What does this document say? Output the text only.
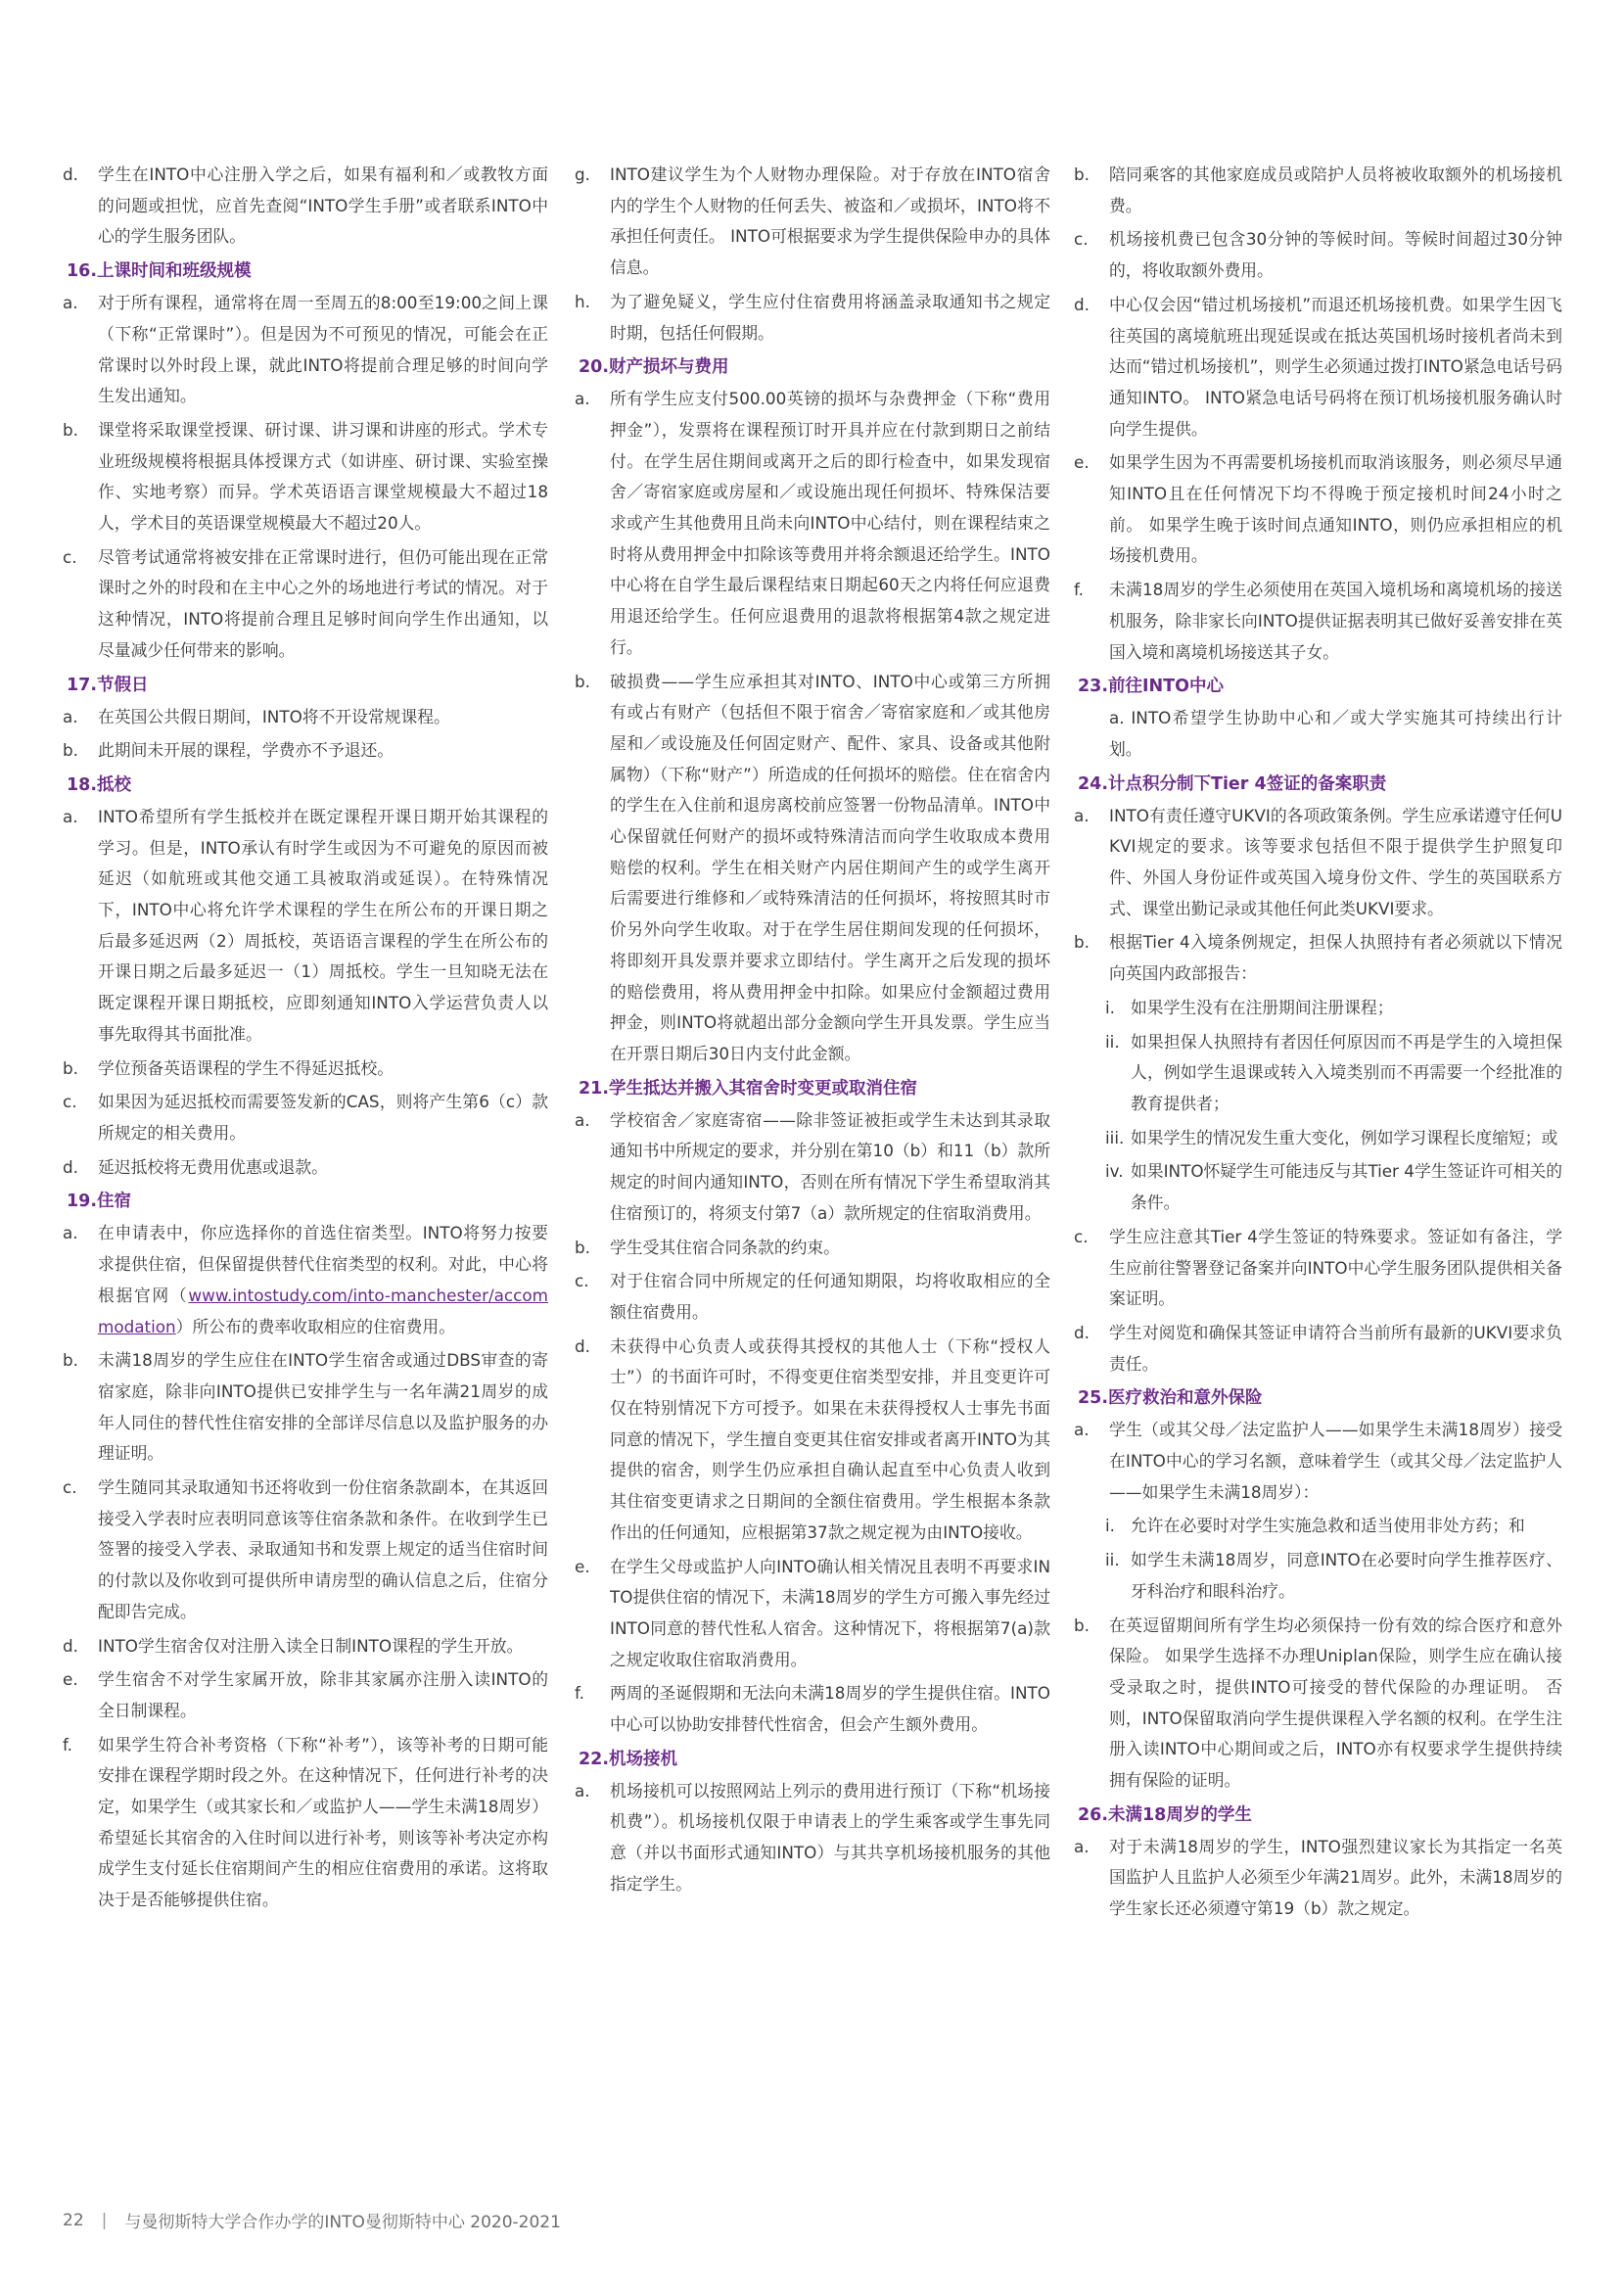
d.	学生在INTO中心注册入学之后，如果有福利和／或教牧方面的问题或担忧，应首先查阅“INTO学生手册”或者联系INTO中心的学生服务团队。
16.上课时间和班级规模
a.	对于所有课程，通常将在周一至周五的8:00至19:00之间上课（下称“正常课时”）。但是因为不可预见的情况，可能会在正常课时以外时段上课，就此INTO将提前合理足够的时间向学生发出通知。
b.	课堂将采取课堂授课、研讨课、讲习课和讲座的形式。学术专业班级规模将根据具体授课方式（如讲座、研讨课、实验室操作、实地考察）而异。学术英语语言课堂规模最大不超过18人，学术目的英语课堂规模最大不超过20人。
c.	尽管考试通常将被安排在正常课时进行，但仍可能出现在正常课时之外的时段和在主中心之外的场地进行考试的情况。对于这种情况，INTO将提前合理且足够时间向学生作出通知，以尽量减少任何带来的影响。
17.节假日
a.	在英国公共假日期间，INTO将不开设常规课程。
b.	此期间未开展的课程，学费亦不予退还。
18.抵校
a.	INTO希望所有学生抵校并在既定课程开课日期开始其课程的学习。但是，INTO承认有时学生或因为不可避免的原因而被延迟（如航班或其他交通工具被取消或延误）。在特殊情况下，INTO中心将允许学术课程的学生在所公布的开课日期之后最多延迟两（2）周抵校，英语语言课程的学生在所公布的开课日期之后最多延迟一（1）周抵校。学生一旦知晓无法在既定课程开课日期抵校，应即刻通知INTO入学运营负责人以事先取得其书面批准。
b.	学位预备英语课程的学生不得延迟抵校。
c.	如果因为延迟抵校而需要签发新的CAS，则将产生第6（c）款所规定的相关费用。
d.	延迟抵校将无费用优惠或退款。
19.住宿
a.	在申请表中，你应选择你的首选住宿类型。INTO将努力按要求提供住宿，但保留提供替代住宿类型的权利。对此，中心将根据官网（www.intostudy.com/into-manchester/accommodation）所公布的费率收取相应的住宿费用。
b.	未满18周岁的学生应住在INTO学生宿舍或通过DBS审查的寄宿家庭，除非向INTO提供已安排学生与一名年满21周岁的成年人同住的替代性住宿安排的全部详尽信息以及监护服务的办理证明。
c.	学生随同其录取通知书还将收到一份住宿条款副本，在其返回接受入学表时应表明同意该等住宿条款和条件。在收到学生已签署的接受入学表、录取通知书和发票上规定的适当住宿时间的付款以及你收到可提供所申请房型的确认信息之后，住宿分配即告完成。
d.	INTO学生宿舍仅对注册入读全日制INTO课程的学生开放。
e.	学生宿舍不对学生家属开放，除非其家属亦注册入读INTO的全日制课程。
f.	如果学生符合补考资格（下称“补考”），该等补考的日期可能安排在课程学期时段之外。在这种情况下，任何进行补考的决定，如果学生（或其家长和／或监护人——学生未满18周岁）希望延长其宿舍的入住时间以进行补考，则该等补考决定亦构成学生支付延长住宿期间产生的相应住宿费用的承诺。这将取决于是否能够提供住宿。
g.	INTO建议学生为个人财物办理保险。对于存放在INTO宿舍内的学生个人财物的任何丢失、被盗和／或损坏，INTO将不承担任何责任。 INTO可根据要求为学生提供保险申办的具体信息。
h.	为了避免疑义，学生应付住宿费用将涵盖录取通知书之规定时期，包括任何假期。
20.财产损坏与费用
a.	所有学生应支付500.00英镑的损坏与杂费押金（下称“费用押金”），发票将在课程预订时开具并应在付款到期日之前结付。在学生居住期间或离开之后的即行检查中，如果发现宿舍／寄宿家庭或房屋和／或设施出现任何损坏、特殊保洁要求或产生其他费用且尚未向INTO中心结付，则在课程结束之时将从费用押金中扣除该等费用并将余额退还给学生。INTO中心将在自学生最后课程结束日期起60天之内将任何应退费用退还给学生。任何应退费用的退款将根据第4款之规定进行。
b.	破损费——学生应承担其对INTO、INTO中心或第三方所拥有或占有财产（包括但不限于宿舍／寄宿家庭和／或其他房屋和／或设施及任何固定财产、配件、家具、设备或其他附属物）（下称“财产”）所造成的任何损坏的赔偿。住在宿舍内的学生在入住前和退房离校前应签署一份物品清单。INTO中心保留就任何财产的损坏或特殊清洁而向学生收取成本费用赔偿的权利。学生在相关财产内居住期间产生的或学生离开后需要进行维修和／或特殊清洁的任何损坏，将按照其时市价另外向学生收取。对于在学生居住期间发现的任何损坏，将即刻开具发票并要求立即结付。学生离开之后发现的损坏的赔偿费用，将从费用押金中扣除。如果应付金额超过费用押金，则INTO将就超出部分金额向学生开具发票。学生应当在开票日期后30日内支付此金额。
21.学生抵达并搬入其宿舍时变更或取消住宿
a.	学校宿舍／家庭寄宿——除非签证被拒或学生未达到其录取通知书中所规定的要求，并分别在第10（b）和11（b）款所规定的时间内通知INTO，否则在所有情况下学生希望取消其住宿预订的，将须支付第7（a）款所规定的住宿取消费用。
b.	学生受其住宿合同条款的约束。
c.	对于住宿合同中所规定的任何通知期限，均将收取相应的全额住宿费用。
d.	未获得中心负责人或获得其授权的其他人士（下称“授权人士”）的书面许可时，不得变更住宿类型安排，并且变更许可仅在特别情况下方可授予。如果在未获得授权人士事先书面同意的情况下，学生擅自变更其住宿安排或者离开INTO为其提供的宿舍，则学生仍应承担自确认起直至中心负责人收到其住宿变更请求之日期间的全额住宿费用。学生根据本条款作出的任何通知，应根据第37款之规定视为由INTO接收。
e.	在学生父母或监护人向INTO确认相关情况且表明不再要求INTO提供住宿的情况下，未满18周岁的学生方可搬入事先经过INTO同意的替代性私人宿舍。这种情况下，将根据第7(a)款之规定收取住宿取消费用。
f.	两周的圣诞假期和无法向未满18周岁的学生提供住宿。INTO中心可以协助安排替代性宿舍，但会产生额外费用。
22.机场接机
a.	机场接机可以按照网站上列示的费用进行预订（下称“机场接机费”）。机场接机仅限于申请表上的学生乘客或学生事先同意（并以书面形式通知INTO）与其共享机场接机服务的其他指定学生。
b.	陪同乘客的其他家庭成员或陪护人员将被收取额外的机场接机费。
c.	机场接机费已包含30分钟的等候时间。等候时间超过30分钟的，将收取额外费用。
d.	中心仅会因“错过机场接机”而退还机场接机费。如果学生因飞往英国的离境航班出现延误或在抵达英国机场时接机者尚未到达而“错过机场接机”，则学生必须通过拨打INTO紧急电话号码通知INTO。 INTO紧急电话号码将在预订机场接机服务确认时向学生提供。
e.	如果学生因为不再需要机场接机而取消该服务，则必须尽早通知INTO且在任何情况下均不得晚于预定接机时间24小时之前。 如果学生晚于该时间点通知INTO，则仍应承担相应的机场接机费用。
f.	未满18周岁的学生必须使用在英国入境机场和离境机场的接送机服务，除非家长向INTO提供证据表明其已做好妥善安排在英国入境和离境机场接送其子女。
23.前往INTO中心
a. INTO希望学生协助中心和／或大学实施其可持续出行计划。
24.计点积分制下Tier 4签证的备案职责
a.	INTO有责任遵守UKVI的各项政策条例。学生应承诺遵守任何UKVI规定的要求。该等要求包括但不限于提供学生护照复印件、外国人身份证件或英国入境身份文件、学生的英国联系方式、课堂出勤记录或其他任何此类UKVI要求。
b.	根据Tier 4入境条例规定，担保人执照持有者必须就以下情况向英国内政部报告：
i. 如果学生没有在注册期间注册课程；
ii. 如果担保人执照持有者因任何原因而不再是学生的入境担保人，例如学生退课或转入入境类别而不再需要一个经批准的教育提供者；
iii. 如果学生的情况发生重大变化，例如学习课程长度缩短；或
iv. 如果INTO怀疑学生可能违反与其Tier 4学生签证许可相关的条件。
c.	学生应注意其Tier 4学生签证的特殊要求。签证如有备注，学生应前往警署登记备案并向INTO中心学生服务团队提供相关备案证明。
d.	学生对阅览和确保其签证申请符合当前所有最新的UKVI要求负责任。
25.医疗救治和意外保险
a.	学生（或其父母／法定监护人——如果学生未满18周岁）接受在INTO中心的学习名额，意味着学生（或其父母／法定监护人——如果学生未满18周岁）：
i. 允许在必要时对学生实施急救和适当使用非处方药；和
ii. 如学生未满18周岁，同意INTO在必要时向学生推荐医疗、牙科治疗和眼科治疗。
b.	在英逗留期间所有学生均必须保持一份有效的综合医疗和意外保险。 如果学生选择不办理Uniplan保险，则学生应在确认接受录取之时，提供INTO可接受的替代保险的办理证明。 否则，INTO保留取消向学生提供课程入学名额的权利。在学生注册入读INTO中心期间或之后，INTO亦有权要求学生提供持续拥有保险的证明。
26.未满18周岁的学生
a.	对于未满18周岁的学生，INTO强烈建议家长为其指定一名英国监护人且监护人必须至少年满21周岁。此外，未满18周岁的学生家长还必须遵守第19（b）款之规定。
22 | 与曼彻斯特大学合作办学的INTO曼彻斯特中心 2020-2021
